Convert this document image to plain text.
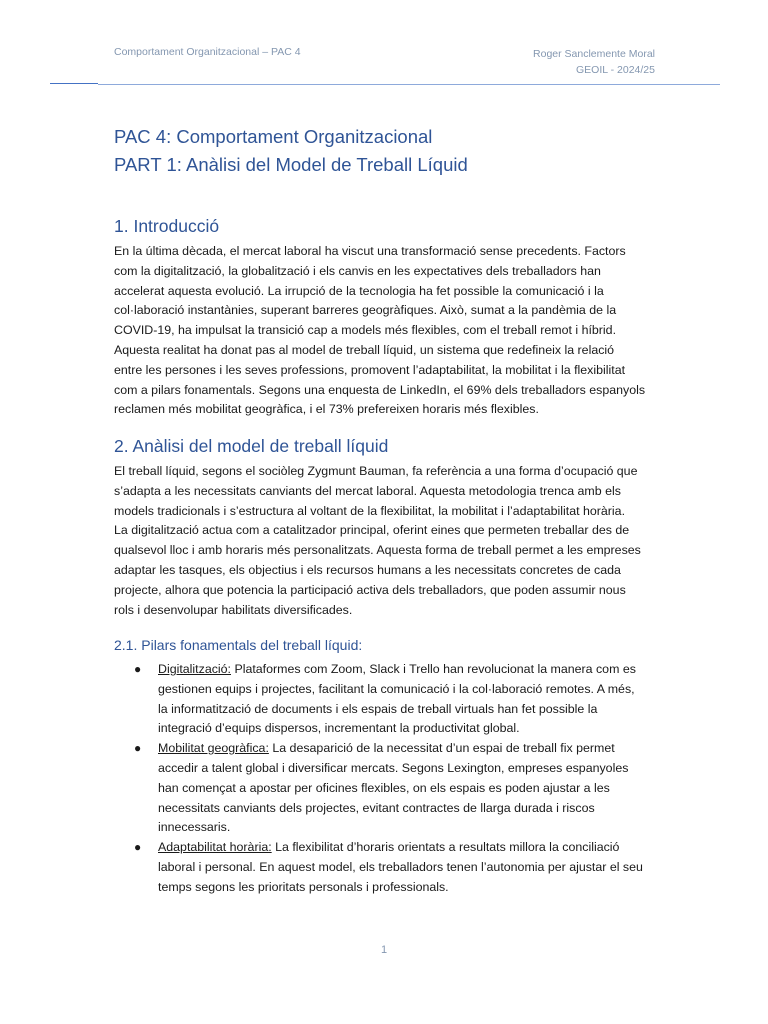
Comportament Organitzacional – PAC 4	Roger Sanclemente Moral
GEOIL - 2024/25
PAC 4: Comportament Organitzacional
PART 1: Anàlisi del Model de Treball Líquid
1. Introducció
En la última dècada, el mercat laboral ha viscut una transformació sense precedents. Factors
com la digitalització, la globalització i els canvis en les expectatives dels treballadors han
accelerat aquesta evolució. La irrupció de la tecnologia ha fet possible la comunicació i la
col·laboració instantànies, superant barreres geogràfiques. Això, sumat a la pandèmia de la
COVID-19, ha impulsat la transició cap a models més flexibles, com el treball remot i híbrid.
Aquesta realitat ha donat pas al model de treball líquid, un sistema que redefineix la relació
entre les persones i les seves professions, promovent l’adaptabilitat, la mobilitat i la flexibilitat
com a pilars fonamentals. Segons una enquesta de LinkedIn, el 69% dels treballadors espanyols
reclamen més mobilitat geogràfica, i el 73% prefereixen horaris més flexibles.
2. Anàlisi del model de treball líquid
El treball líquid, segons el sociòleg Zygmunt Bauman, fa referència a una forma d’ocupació que
s’adapta a les necessitats canviants del mercat laboral. Aquesta metodologia trenca amb els
models tradicionals i s’estructura al voltant de la flexibilitat, la mobilitat i l’adaptabilitat horària.
La digitalització actua com a catalitzador principal, oferint eines que permeten treballar des de
qualsevol lloc i amb horaris més personalitzats. Aquesta forma de treball permet a les empreses
adaptar les tasques, els objectius i els recursos humans a les necessitats concretes de cada
projecte, alhora que potencia la participació activa dels treballadors, que poden assumir nous
rols i desenvolupar habilitats diversificades.
2.1. Pilars fonamentals del treball líquid:
● Digitalització: Plataformes com Zoom, Slack i Trello han revolucionat la manera com es
gestionen equips i projectes, facilitant la comunicació i la col·laboració remotes. A més,
la informatització de documents i els espais de treball virtuals han fet possible la
integració d’equips dispersos, incrementant la productivitat global.
● Mobilitat geogràfica: La desaparició de la necessitat d’un espai de treball fix permet
accedir a talent global i diversificar mercats. Segons Lexington, empreses espanyoles
han començat a apostar per oficines flexibles, on els espais es poden ajustar a les
necessitats canviants dels projectes, evitant contractes de llarga durada i riscos
innecessaris.
● Adaptabilitat horària: La flexibilitat d’horaris orientats a resultats millora la conciliació
laboral i personal. En aquest model, els treballadors tenen l’autonomia per ajustar el seu
temps segons les prioritats personals i professionals.
1
